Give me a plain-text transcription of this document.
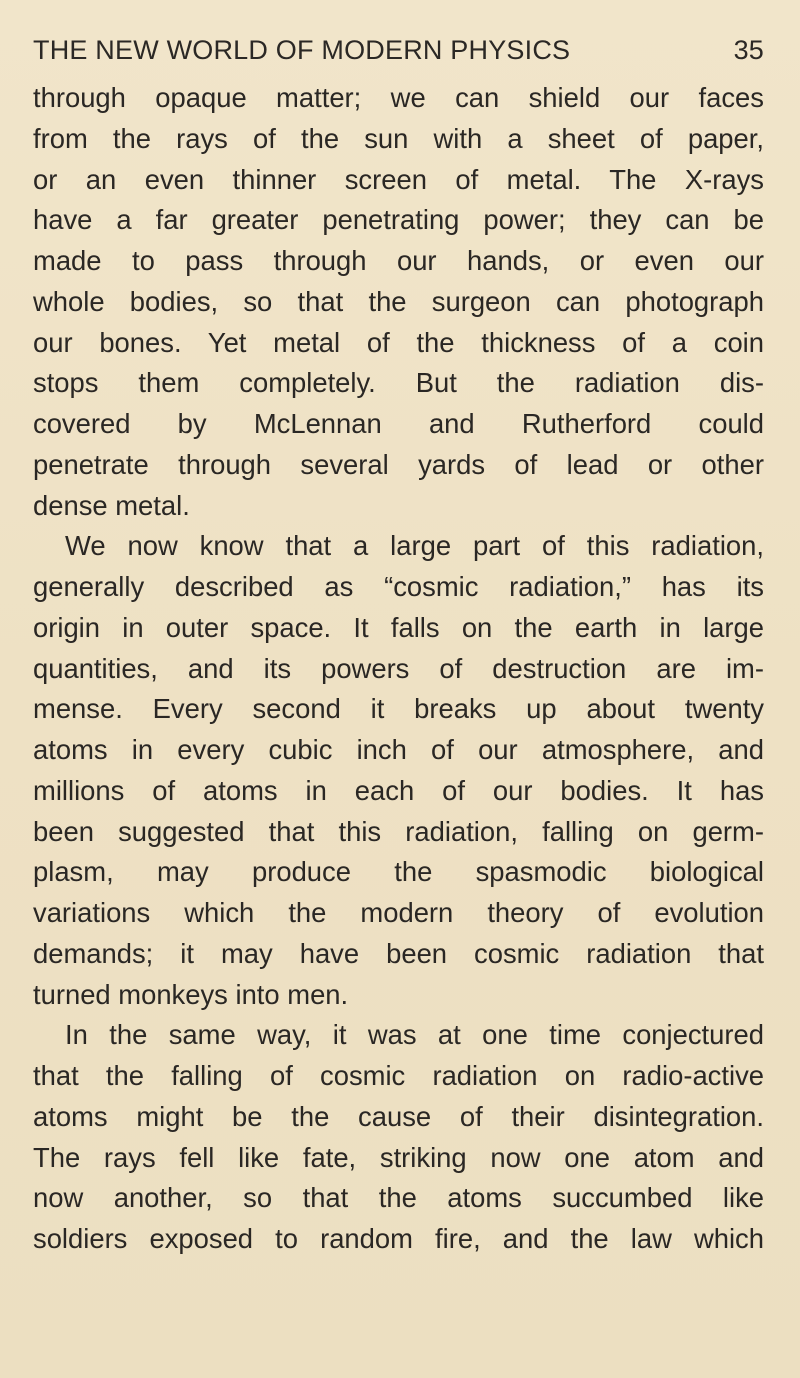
THE NEW WORLD OF MODERN PHYSICS	35
through opaque matter; we can shield our faces
from the rays of the sun with a sheet of paper,
or an even thinner screen of metal. The X-rays
have a far greater penetrating power; they can be
made to pass through our hands, or even our
whole bodies, so that the surgeon can photograph
our bones. Yet metal of the thickness of a coin
stops them completely. But the radiation dis-
covered by McLennan and Rutherford could
penetrate through several yards of lead or other
dense metal.
We now know that a large part of this radiation,
generally described as “cosmic radiation,” has its
origin in outer space. It falls on the earth in large
quantities, and its powers of destruction are im-
mense. Every second it breaks up about twenty
atoms in every cubic inch of our atmosphere, and
millions of atoms in each of our bodies. It has
been suggested that this radiation, falling on germ-
plasm, may produce the spasmodic biological
variations which the modern theory of evolution
demands; it may have been cosmic radiation that
turned monkeys into men.
In the same way, it was at one time conjectured
that the falling of cosmic radiation on radio-active
atoms might be the cause of their disintegration.
The rays fell like fate, striking now one atom and
now another, so that the atoms succumbed like
soldiers exposed to random fire, and the law which
